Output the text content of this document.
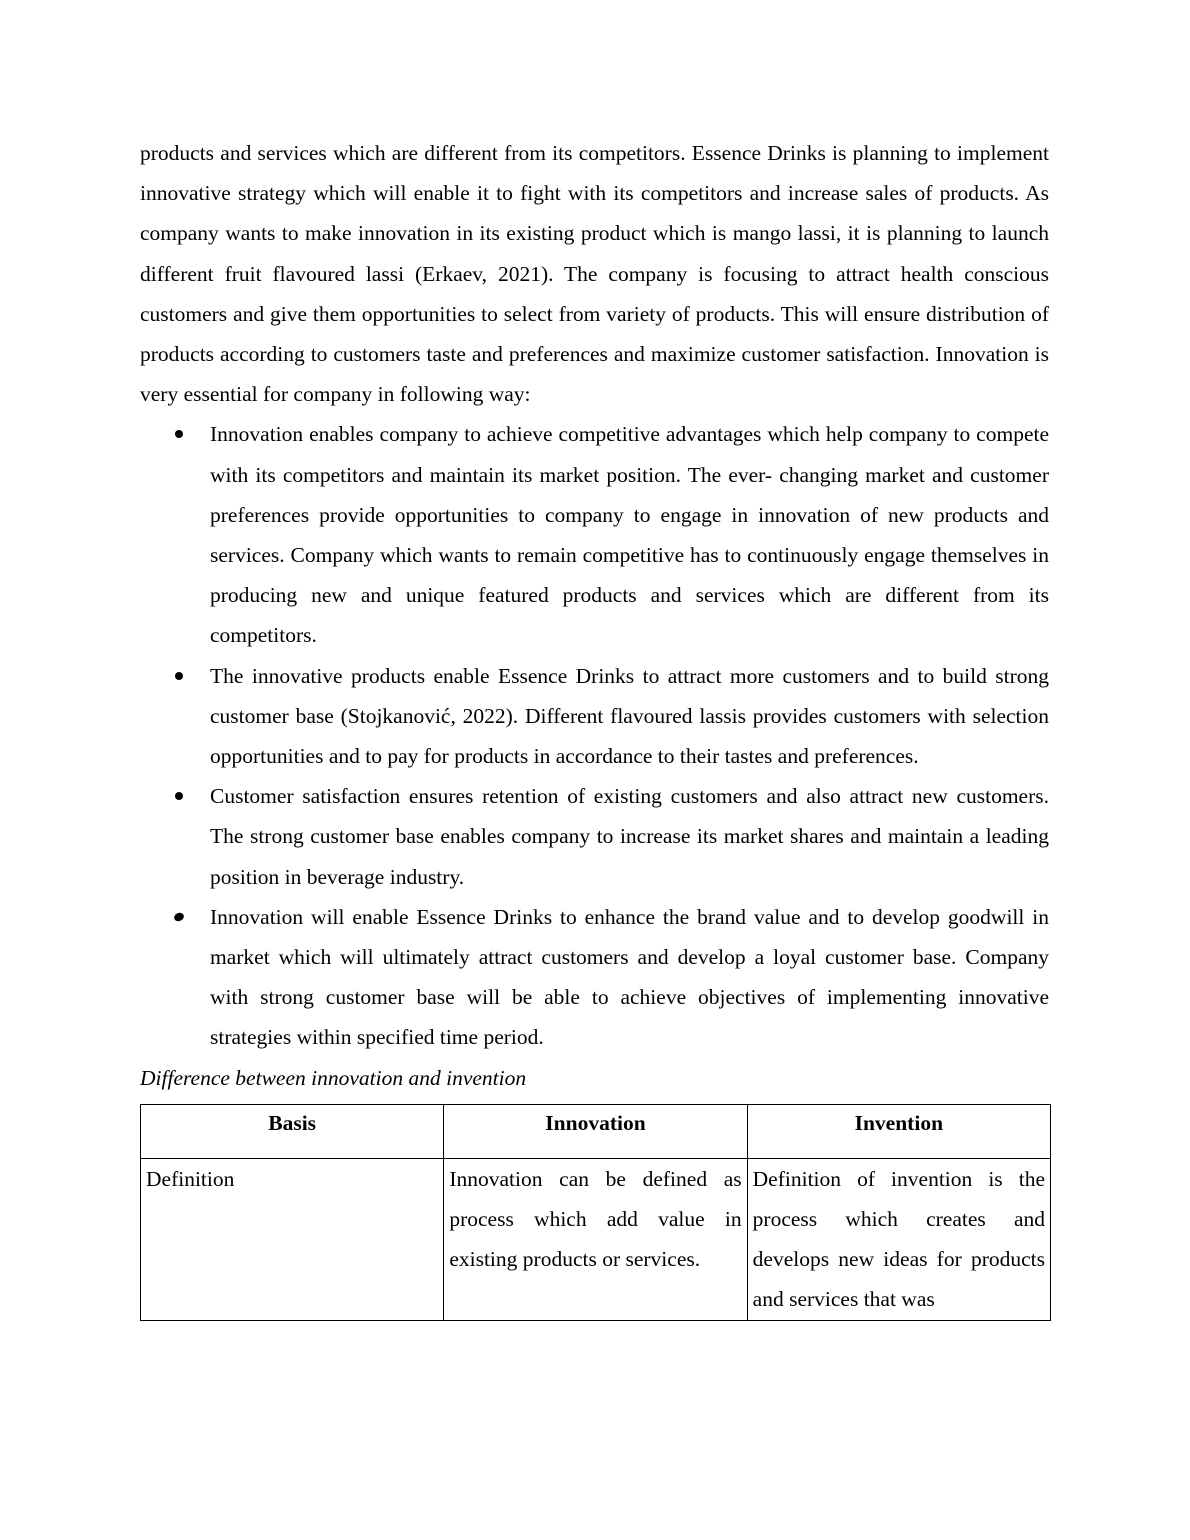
products and services which are different from its competitors. Essence Drinks is planning to implement innovative strategy which will enable it to fight with its competitors and increase sales of products. As company wants to make innovation in its existing product which is mango lassi, it is planning to launch different fruit flavoured lassi (Erkaev, 2021). The company is focusing to attract health conscious customers and give them opportunities to select from variety of products. This will ensure distribution of products according to customers taste and preferences and maximize customer satisfaction. Innovation is very essential for company in following way:

Innovation enables company to achieve competitive advantages which help company to compete with its competitors and maintain its market position. The ever- changing market and customer preferences provide opportunities to company to engage in innovation of new products and services. Company which wants to remain competitive has to continuously engage themselves in producing new and unique featured products and services which are different from its competitors.
The innovative products enable Essence Drinks to attract more customers and to build strong customer base (Stojkanović, 2022). Different flavoured lassis provides customers with selection opportunities and to pay for products in accordance to their tastes and preferences.
Customer satisfaction ensures retention of existing customers and also attract new customers. The strong customer base enables company to increase its market shares and maintain a leading position in beverage industry.
Innovation will enable Essence Drinks to enhance the brand value and to develop goodwill in market which will ultimately attract customers and develop a loyal customer base. Company with strong customer base will be able to achieve objectives of implementing innovative strategies within specified time period.

Difference between innovation and invention

Basis	Innovation	Invention
Definition	Innovation can be defined as process which add value in existing products or services.	Definition of invention is the process which creates and develops new ideas for products and services that was
